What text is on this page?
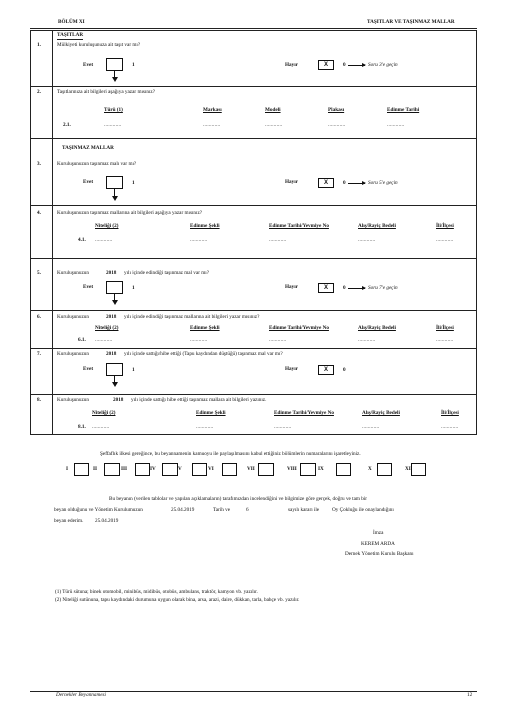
BÖLÜM XI	TAŞITLAR VE TAŞINMAZ MALLAR
TAŞITLAR
1.	Mülkiyeti kuruluşunuza ait taşıt var mı?
Evet	1	Hayır	X	0	Soru 3'e geçin
2.	Taşıtlarınıza ait bilgileri aşağıya yazar mısınız?
Türü (1)	Markası	Modeli	Plakası	Edinme Tarihi
2.1.	............	............	............	............	............
TAŞINMAZ MALLAR
3.	Kuruluşunuzun taşınmaz malı var mı?
Evet	1	Hayır	X	0	Soru 5'e geçin
4.	Kuruluşunuzun taşınmaz mallarına ait bilgileri aşağıya yazar mısınız?
Niteliği (2)	Edinme Şekli	Edinme Tarihi/Yevmiye No	Alış/Rayiç Bedeli	İli/İlçesi
4.1. ............	............	............	............	............
5.	Kuruluşunuzun	2018 yılı içinde edindiği taşınmaz mal var mı?
Evet	1	Hayır	X	0	Soru 7'e geçin
6.	Kuruluşunuzun	2018 yılı içinde edindiği taşınmaz mallarına ait bilgileri yazar mısınız?
Niteliği (2)	Edinme Şekli	Edinme Tarihi/Yevmiye No	Alış/Rayiç Bedeli	İli/İlçesi
6.1. ............	............	............	............	............
7.	Kuruluşunuzun	2018 yılı içinde sattığı/hibe ettiği (Tapu kaydından düştüğü) taşınmaz mal var mı?
Evet	1	Hayır	X	0
8.	Kuruluşunuzun	2018 yılı içinde sattığı hibe ettiği taşınmaz mallara ait bilgileri yazınız.
Niteliği (2)	Edinme Şekli	Edinme Tarihi/Yevmiye No	Alış/Rayiç Bedeli	İli/İlçesi
8.1. ............	............	............	............	............
Şeffaflık ilkesi gereğince, bu beyannamenin kamuoyu ile paylaşılmasını kabul ettiğiniz bölümlerin numaralarını işaretleyiniz.
I	II	III	IV	V	VI	VII	VIII	IX	X	XI
Bu beyanın (verilen tablolar ve yapılan açıklamaların) tarafımızdan incelendiğini ve bilgimize göre gerçek, doğru ve tam bir
beyan olduğunu ve Yönetim Kurulumuzun	25.04.2019	Tarih ve	6	sayılı kararı ile Oy Çokluğu ile onaylandığını
beyan ederim. 25.04.2019
İmza
KEREM ARDA
Dernek Yönetim Kurulu Başkanı
(1) Türü sütuna; binek otomobil, minibüs, midibüs, otobüs, ambulans, traktör, kamyon vb. yazılır.
(2) Niteliği sutünuna, tapu kaydındaki durumuna uygun olarak bina, arsa, arazi, daire, dükkan, tarla, bahçe vb. yazılır.
Dernekler Beyannamesi	12
